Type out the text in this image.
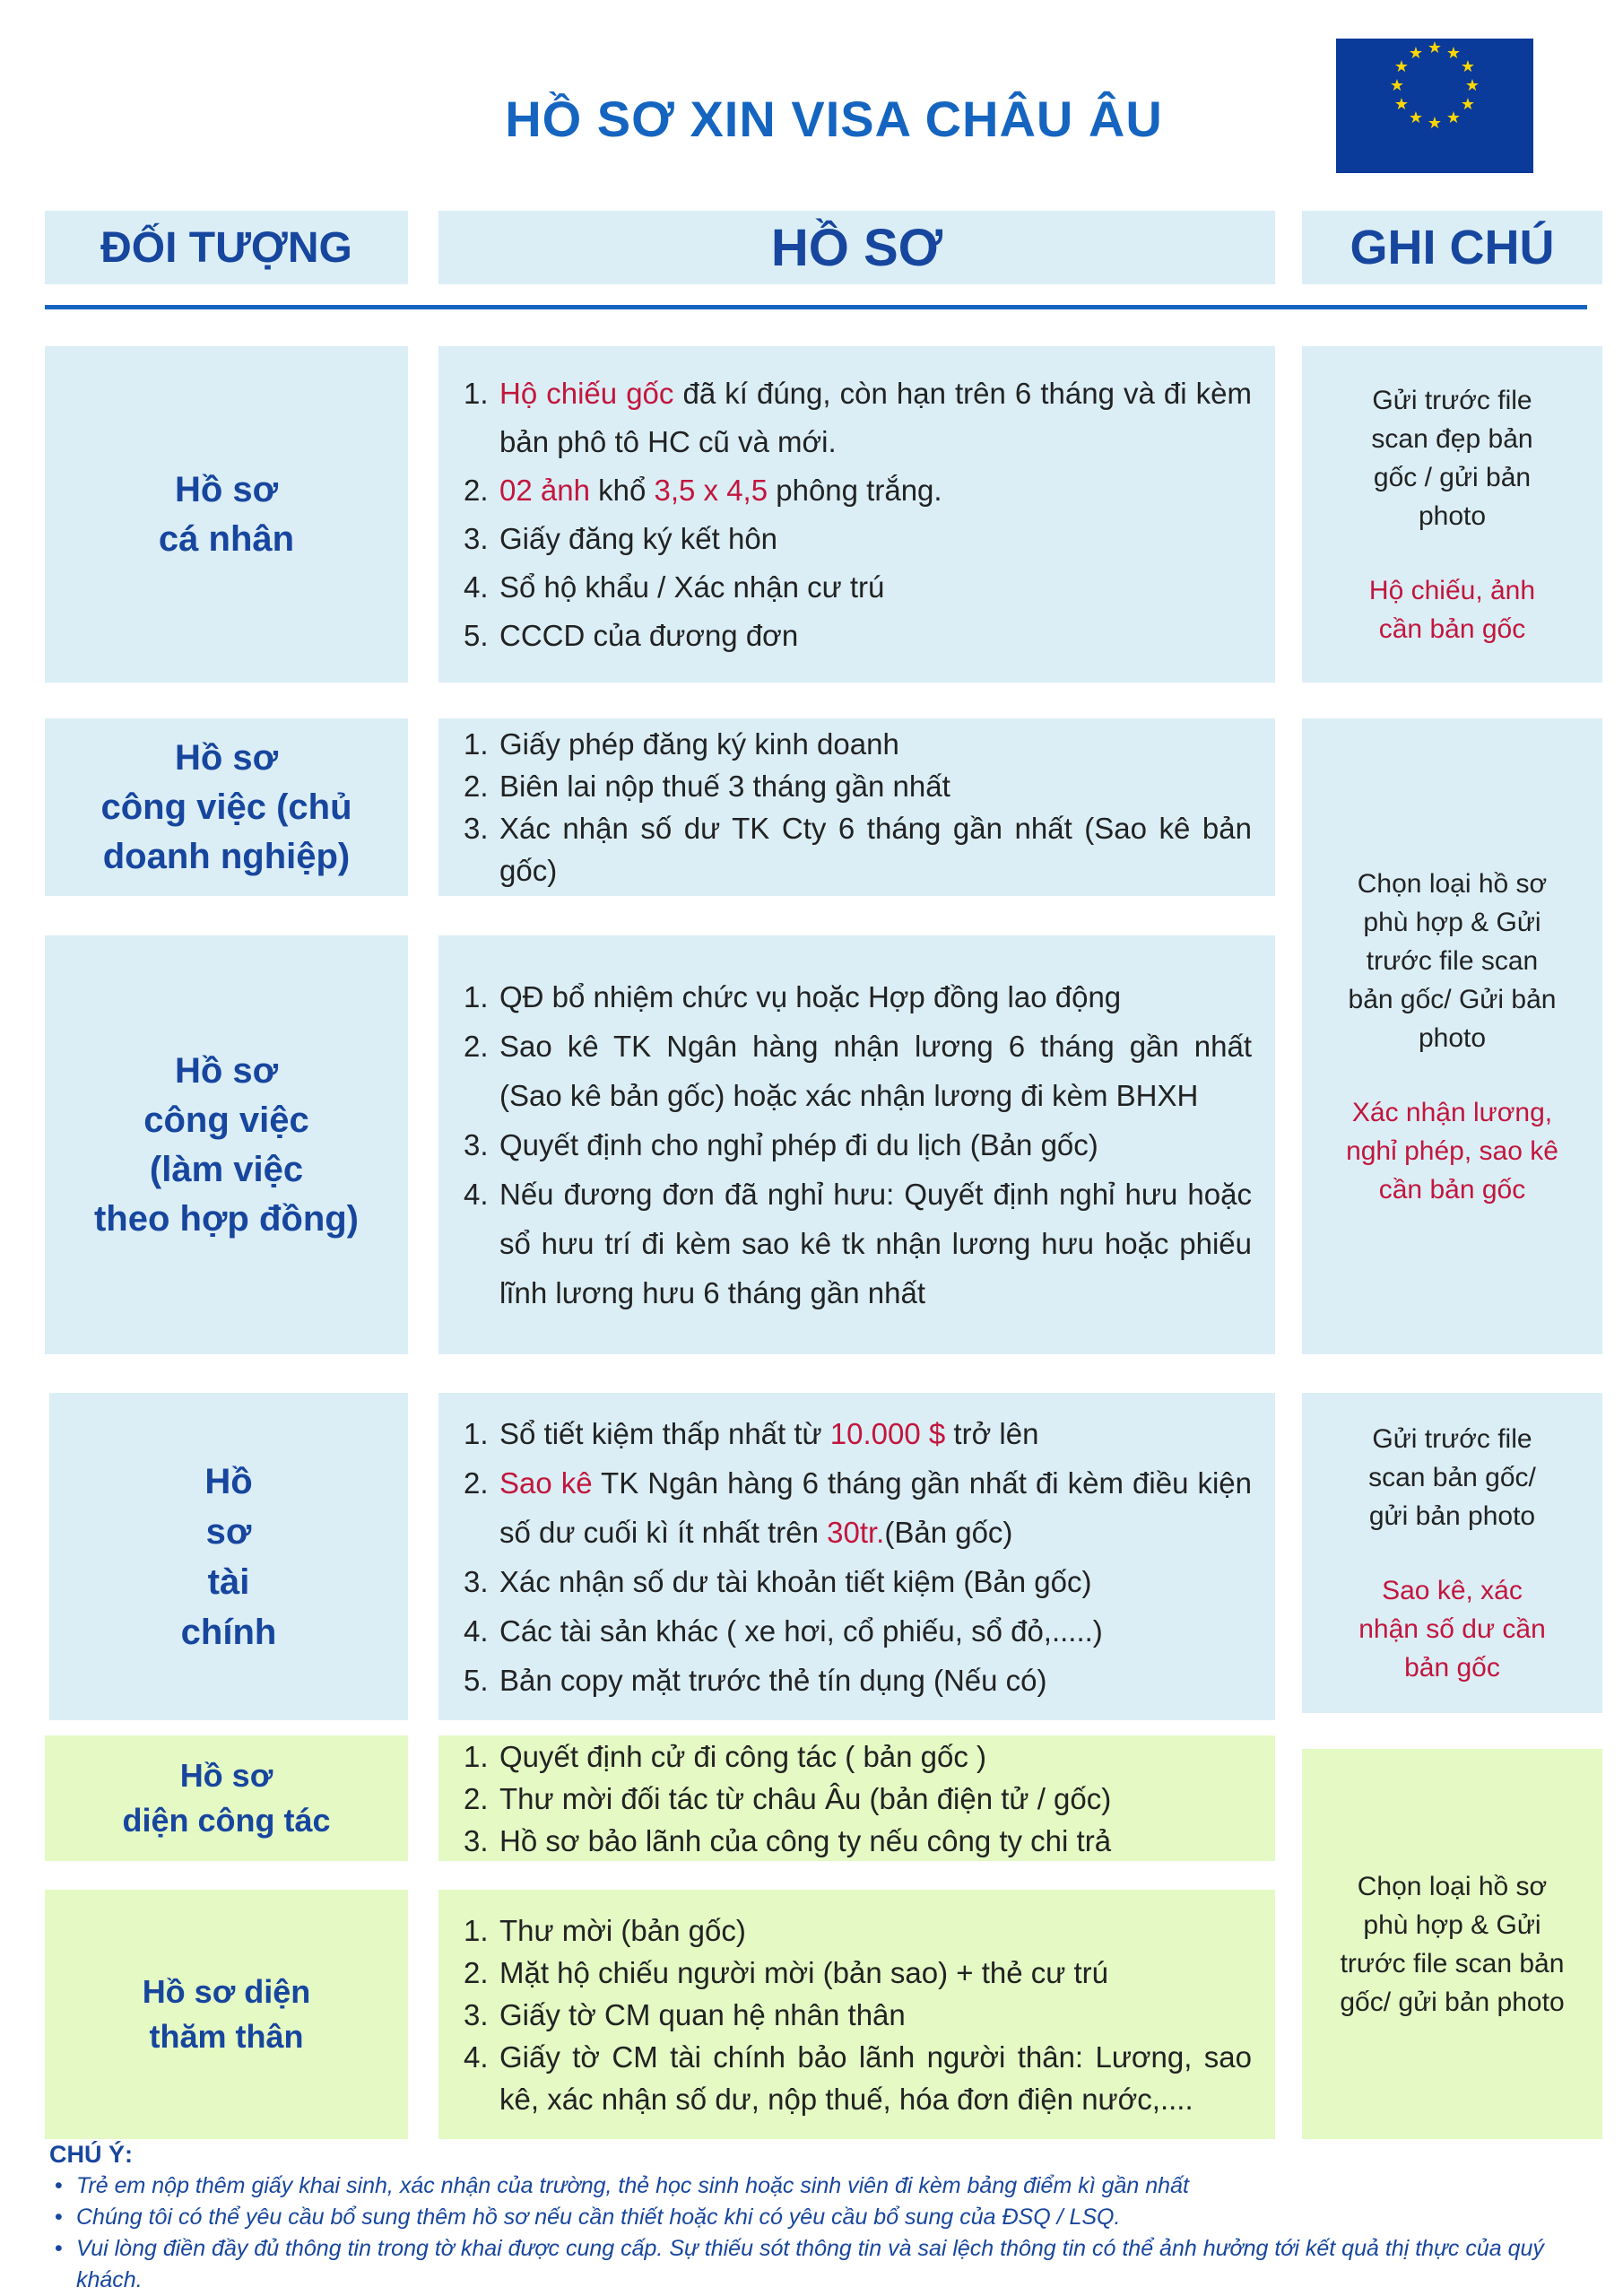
HỒ SƠ XIN VISA CHÂU ÂU
★ ★
★
★
★
★
★
★
★
★
★
★
ĐỐI TƯỢNG	HỒ SƠ	GHI CHÚ
Hồ sơ
cá nhân
1. Hộ chiếu gốc đã kí đúng, còn hạn trên 6 tháng và đi kèm bản phô tô HC cũ và mới.
2. 02 ảnh khổ 3,5 x 4,5 phông trắng.
3. Giấy đăng ký kết hôn
4. Sổ hộ khẩu / Xác nhận cư trú
5. CCCD của đương đơn
Gửi trước file
scan đẹp bản
gốc / gửi bản
photo
Hộ chiếu, ảnh
cần bản gốc
Hồ sơ
công việc (chủ
doanh nghiệp)
1. Giấy phép đăng ký kinh doanh
2. Biên lai nộp thuế 3 tháng gần nhất
3. Xác nhận số dư TK Cty 6 tháng gần nhất (Sao kê bản gốc)
Hồ sơ
công việc
(làm việc
theo hợp đồng)
1. QĐ bổ nhiệm chức vụ hoặc Hợp đồng lao động
2. Sao kê TK Ngân hàng nhận lương 6 tháng gần nhất (Sao kê bản gốc) hoặc xác nhận lương đi kèm BHXH
3. Quyết định cho nghỉ phép đi du lịch (Bản gốc)
4. Nếu đương đơn đã nghỉ hưu: Quyết định nghỉ hưu hoặc sổ hưu trí đi kèm sao kê tk nhận lương hưu hoặc phiếu lĩnh lương hưu 6 tháng gần nhất
Chọn loại hồ sơ
phù hợp & Gửi
trước file scan
bản gốc/ Gửi bản
photo
Xác nhận lương,
nghỉ phép, sao kê
cần bản gốc
Hồ
sơ
tài
chính
1. Sổ tiết kiệm thấp nhất từ 10.000 $ trở lên
2. Sao kê TK Ngân hàng 6 tháng gần nhất đi kèm điều kiện số dư cuối kì ít nhất trên 30tr.(Bản gốc)
3. Xác nhận số dư tài khoản tiết kiệm (Bản gốc)
4. Các tài sản khác ( xe hơi, cổ phiếu, sổ đỏ,.....)
5. Bản copy mặt trước thẻ tín dụng (Nếu có)
Gửi trước file
scan bản gốc/
gửi bản photo
Sao kê, xác
nhận số dư cần
bản gốc
Hồ sơ
diện công tác
1. Quyết định cử đi công tác ( bản gốc )
2. Thư mời đối tác từ châu Âu (bản điện tử / gốc)
3. Hồ sơ bảo lãnh của công ty nếu công ty chi trả
Hồ sơ diện
thăm thân
1. Thư mời (bản gốc)
2. Mặt hộ chiếu người mời (bản sao) + thẻ cư trú
3. Giấy tờ CM quan hệ nhân thân
4. Giấy tờ CM tài chính bảo lãnh người thân: Lương, sao kê, xác nhận số dư, nộp thuế, hóa đơn điện nước,....
Chọn loại hồ sơ
phù hợp & Gửi
trước file scan bản
gốc/ gửi bản photo
CHÚ Ý:
• Trẻ em nộp thêm giấy khai sinh, xác nhận của trường, thẻ học sinh hoặc sinh viên đi kèm bảng điểm kì gần nhất
• Chúng tôi có thể yêu cầu bổ sung thêm hồ sơ nếu cần thiết hoặc khi có yêu cầu bổ sung của ĐSQ / LSQ.
• Vui lòng điền đầy đủ thông tin trong tờ khai được cung cấp. Sự thiếu sót thông tin và sai lệch thông tin có thể ảnh hưởng tới kết quả thị thực của quý khách.
